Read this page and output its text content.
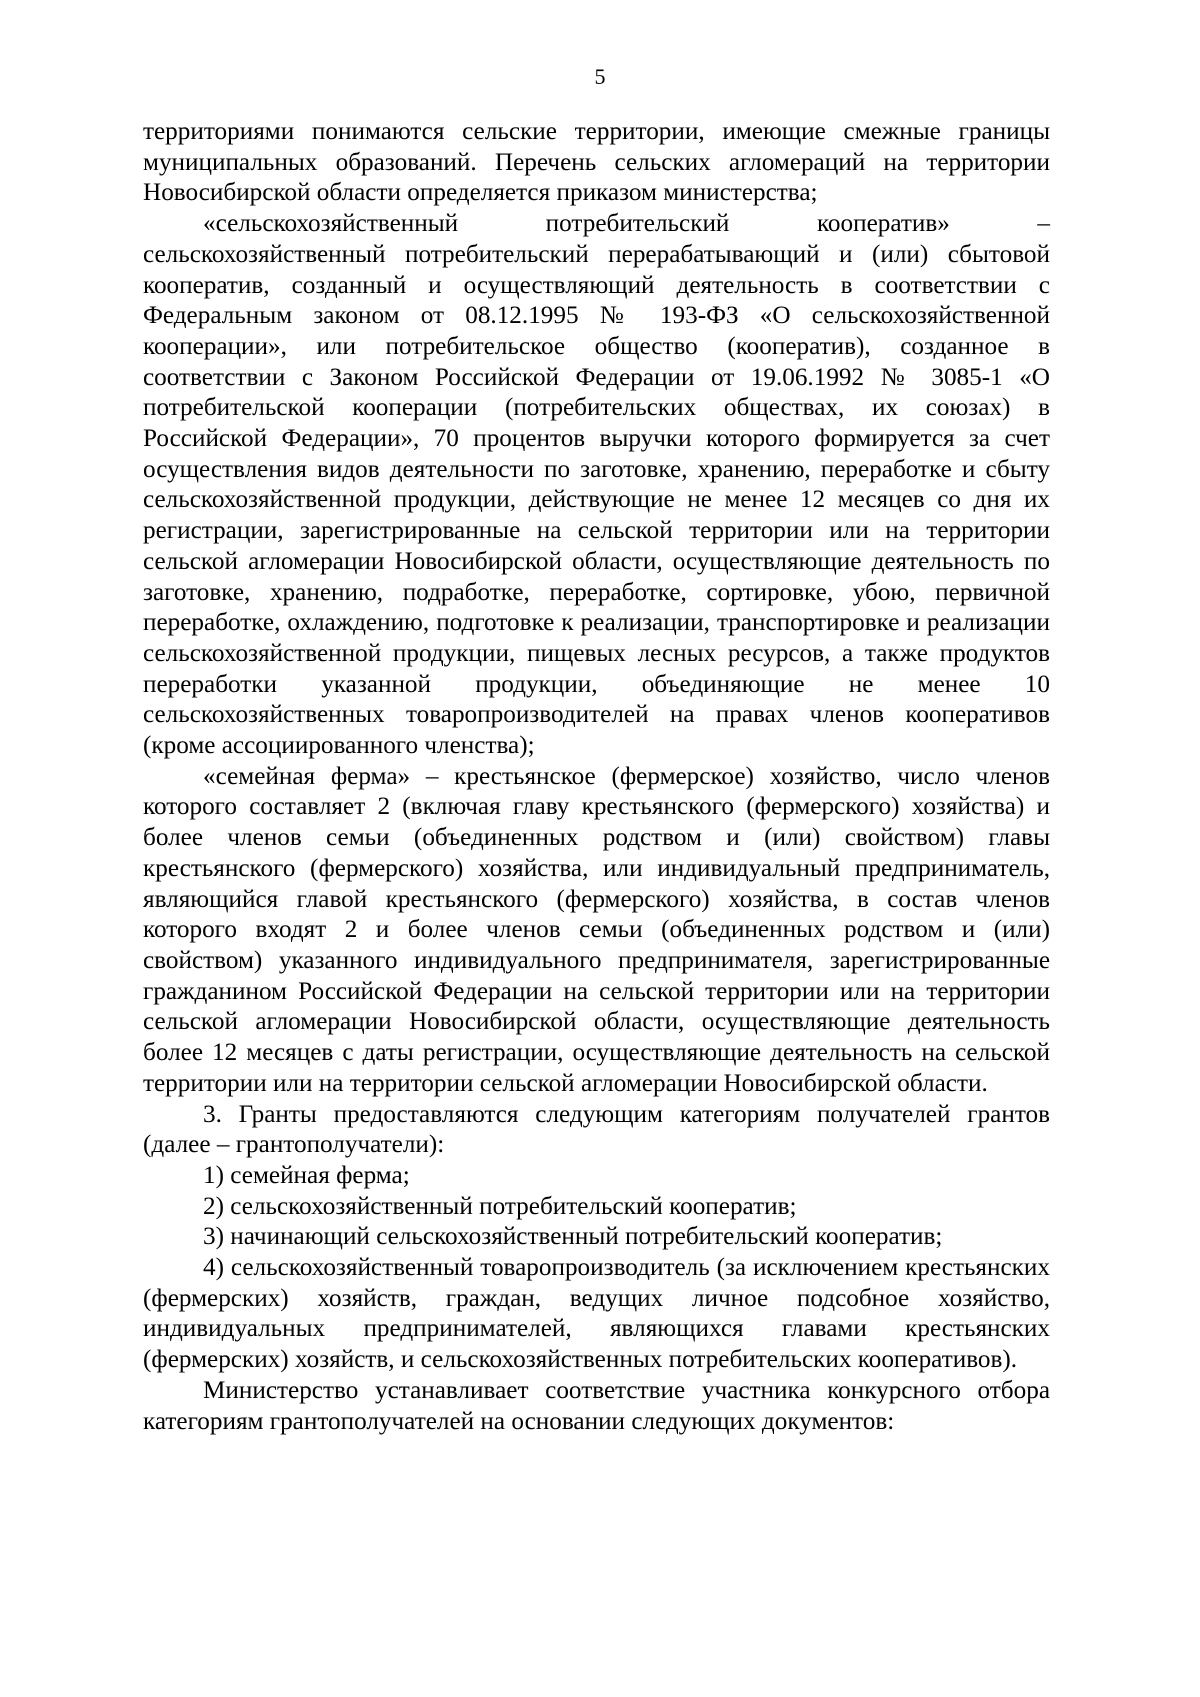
5

территориями понимаются сельские территории, имеющие смежные границы муниципальных образований. Перечень сельских агломераций на территории Новосибирской области определяется приказом министерства;

«сельскохозяйственный потребительский кооператив» – сельскохозяйственный потребительский перерабатывающий и (или) сбытовой кооператив, созданный и осуществляющий деятельность в соответствии с Федеральным законом от 08.12.1995 № 193-ФЗ «О сельскохозяйственной кооперации», или потребительское общество (кооператив), созданное в соответствии с Законом Российской Федерации от 19.06.1992 № 3085-1 «О потребительской кооперации (потребительских обществах, их союзах) в Российской Федерации», 70 процентов выручки которого формируется за счет осуществления видов деятельности по заготовке, хранению, переработке и сбыту сельскохозяйственной продукции, действующие не менее 12 месяцев со дня их регистрации, зарегистрированные на сельской территории или на территории сельской агломерации Новосибирской области, осуществляющие деятельность по заготовке, хранению, подработке, переработке, сортировке, убою, первичной переработке, охлаждению, подготовке к реализации, транспортировке и реализации сельскохозяйственной продукции, пищевых лесных ресурсов, а также продуктов переработки указанной продукции, объединяющие не менее 10 сельскохозяйственных товаропроизводителей на правах членов кооперативов (кроме ассоциированного членства);

«семейная ферма» – крестьянское (фермерское) хозяйство, число членов которого составляет 2 (включая главу крестьянского (фермерского) хозяйства) и более членов семьи (объединенных родством и (или) свойством) главы крестьянского (фермерского) хозяйства, или индивидуальный предприниматель, являющийся главой крестьянского (фермерского) хозяйства, в состав членов которого входят 2 и более членов семьи (объединенных родством и (или) свойством) указанного индивидуального предпринимателя, зарегистрированные гражданином Российской Федерации на сельской территории или на территории сельской агломерации Новосибирской области, осуществляющие деятельность более 12 месяцев с даты регистрации, осуществляющие деятельность на сельской территории или на территории сельской агломерации Новосибирской области.

3. Гранты предоставляются следующим категориям получателей грантов (далее – грантополучатели):

1) семейная ферма;

2) сельскохозяйственный потребительский кооператив;

3) начинающий сельскохозяйственный потребительский кооператив;

4) сельскохозяйственный товаропроизводитель (за исключением крестьянских (фермерских) хозяйств, граждан, ведущих личное подсобное хозяйство, индивидуальных предпринимателей, являющихся главами крестьянских (фермерских) хозяйств, и сельскохозяйственных потребительских кооперативов).

Министерство устанавливает соответствие участника конкурсного отбора категориям грантополучателей на основании следующих документов:
